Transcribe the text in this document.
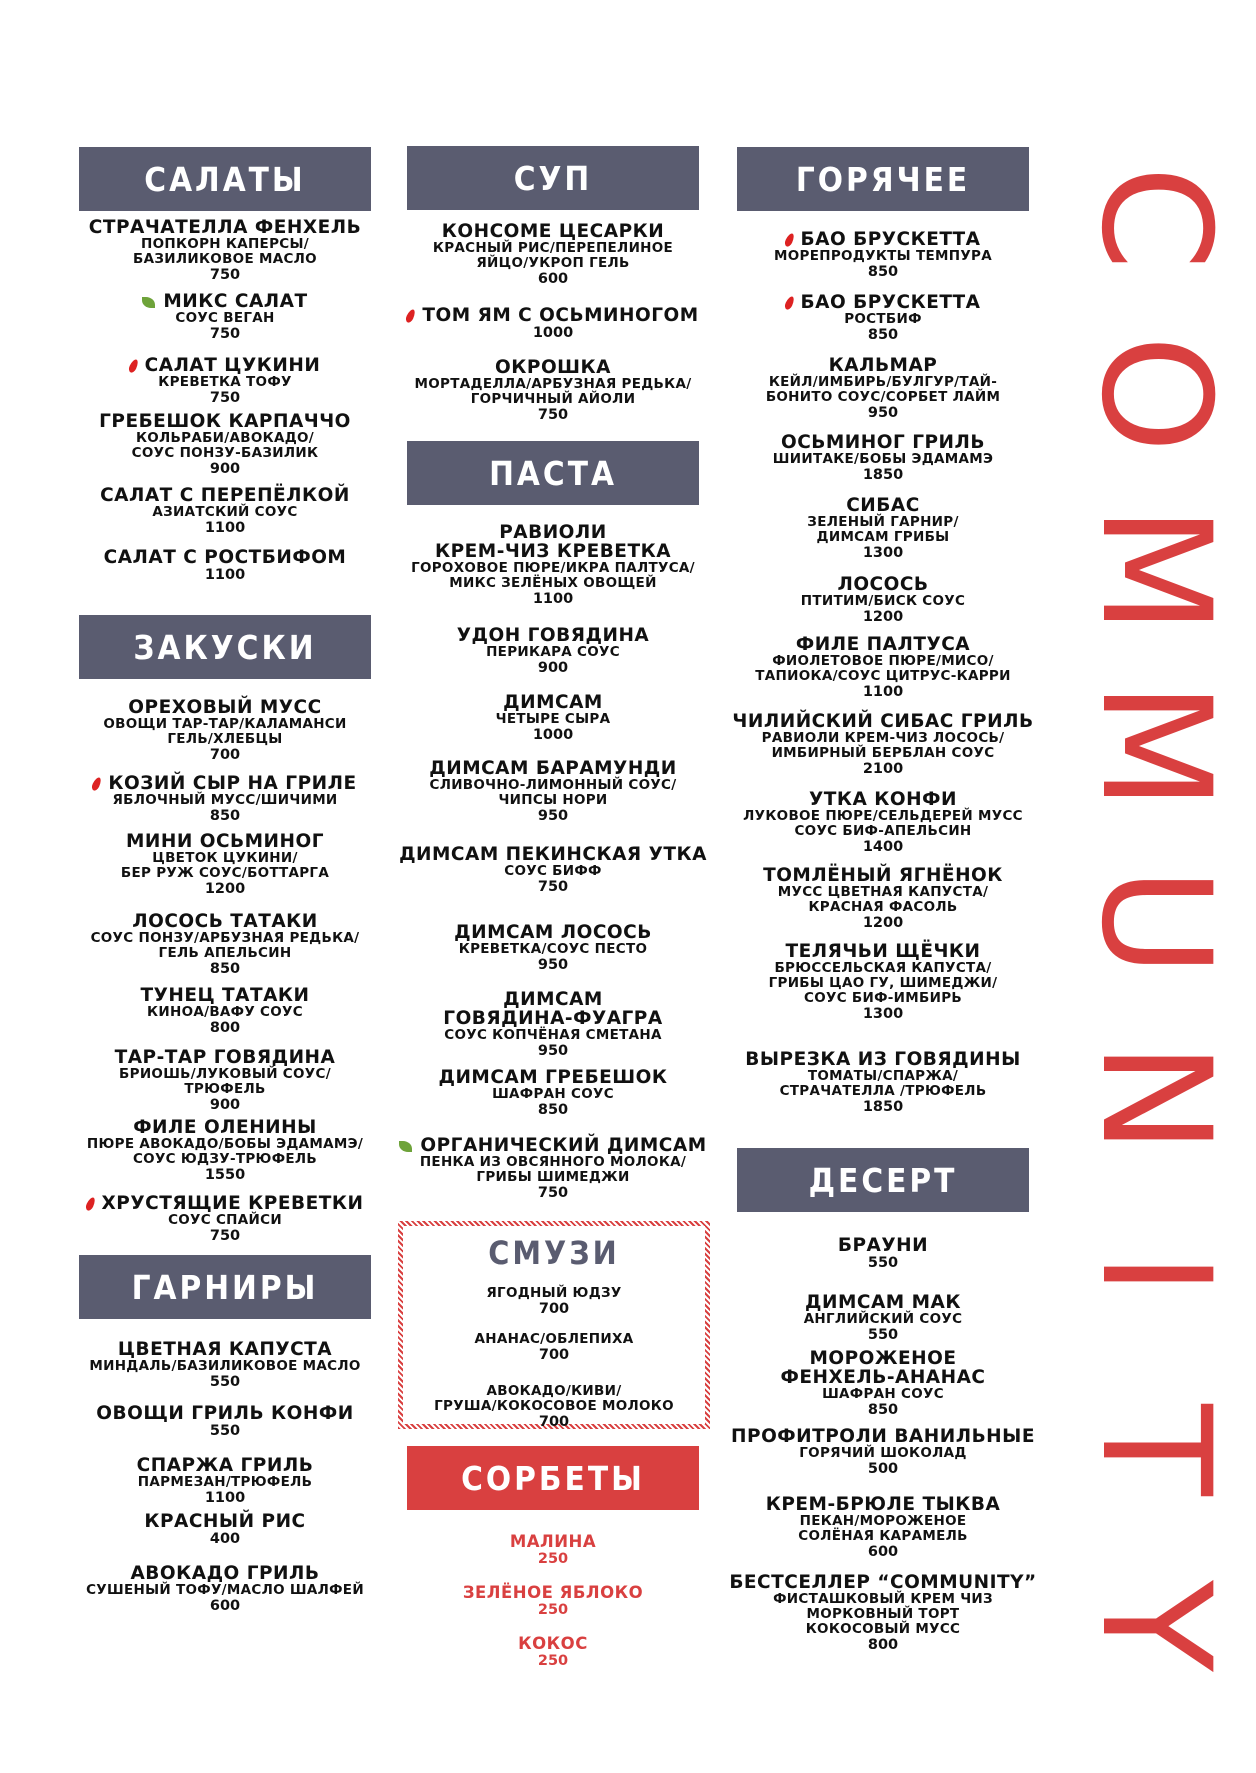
САЛАТЫ
СТРАЧАТЕЛЛА ФЕНХЕЛЬ
ПОПКОРН КАПЕРСЫ/
БАЗИЛИКОВОЕ МАСЛО
750
МИКС САЛАТ
СОУС ВЕГАН
750
САЛАТ ЦУКИНИ
КРЕВЕТКА ТОФУ
750
ГРЕБЕШОК КАРПАЧЧО
КОЛЬРАБИ/АВОКАДО/
СОУС ПОНЗУ-БАЗИЛИК
900
САЛАТ С ПЕРЕПЁЛКОЙ
АЗИАТСКИЙ СОУС
1100
САЛАТ С РОСТБИФОМ
1100
ЗАКУСКИ
ОРЕХОВЫЙ МУСС
ОВОЩИ ТАР-ТАР/КАЛАМАНСИ
ГЕЛЬ/ХЛЕБЦЫ
700
КОЗИЙ СЫР НА ГРИЛЕ
ЯБЛОЧНЫЙ МУСС/ШИЧИМИ
850
МИНИ ОСЬМИНОГ
ЦВЕТОК ЦУКИНИ/
БЕР РУЖ СОУС/БОТТАРГА
1200
ЛОСОСЬ ТАТАКИ
СОУС ПОНЗУ/АРБУЗНАЯ РЕДЬКА/
ГЕЛЬ АПЕЛЬСИН
850
ТУНЕЦ ТАТАКИ
КИНОА/ВАФУ СОУС
800
ТАР-ТАР ГОВЯДИНА
БРИОШЬ/ЛУКОВЫЙ СОУС/
ТРЮФЕЛЬ
900
ФИЛЕ ОЛЕНИНЫ
ПЮРЕ АВОКАДО/БОБЫ ЭДАМАМЭ/
СОУС ЮДЗУ-ТРЮФЕЛЬ
1550
ХРУСТЯЩИЕ КРЕВЕТКИ
СОУС СПАЙСИ
750
ГАРНИРЫ
ЦВЕТНАЯ КАПУСТА
МИНДАЛЬ/БАЗИЛИКОВОЕ МАСЛО
550
ОВОЩИ ГРИЛЬ КОНФИ
550
СПАРЖА ГРИЛЬ
ПАРМЕЗАН/ТРЮФЕЛЬ
1100
КРАСНЫЙ РИС
400
АВОКАДО ГРИЛЬ
СУШЕНЫЙ ТОФУ/МАСЛО ШАЛФЕЙ
600
СУП
КОНСОМЕ ЦЕСАРКИ
КРАСНЫЙ РИС/ПЕРЕПЕЛИНОЕ
ЯЙЦО/УКРОП ГЕЛЬ
600
ТОМ ЯМ С ОСЬМИНОГОМ
1000
ОКРОШКА
МОРТАДЕЛЛА/АРБУЗНАЯ РЕДЬКА/
ГОРЧИЧНЫЙ АЙОЛИ
750
ПАСТА
РАВИОЛИ
КРЕМ-ЧИЗ КРЕВЕТКА
ГОРОХОВОЕ ПЮРЕ/ИКРА ПАЛТУСА/
МИКС ЗЕЛЁНЫХ ОВОЩЕЙ
1100
УДОН ГОВЯДИНА
ПЕРИКАРА СОУС
900
ДИМСАМ
ЧЕТЫРЕ СЫРА
1000
ДИМСАМ БАРАМУНДИ
СЛИВОЧНО-ЛИМОННЫЙ СОУС/
ЧИПСЫ НОРИ
950
ДИМСАМ ПЕКИНСКАЯ УТКА
СОУС БИФФ
750
ДИМСАМ ЛОСОСЬ
КРЕВЕТКА/СОУС ПЕСТО
950
ДИМСАМ
ГОВЯДИНА-ФУАГРА
СОУС КОПЧЁНАЯ СМЕТАНА
950
ДИМСАМ ГРЕБЕШОК
ШАФРАН СОУС
850
ОРГАНИЧЕСКИЙ ДИМСАМ
ПЕНКА ИЗ ОВСЯННОГО МОЛОКА/
ГРИБЫ ШИМЕДЖИ
750
СМУЗИ
ЯГОДНЫЙ ЮДЗУ
700
АНАНАС/ОБЛЕПИХА
700
АВОКАДО/КИВИ/
ГРУША/КОКОСОВОЕ МОЛОКО
700
СОРБЕТЫ
МАЛИНА
250
ЗЕЛЁНОЕ ЯБЛОКО
250
КОКОС
250
ГОРЯЧЕЕ
БАО БРУСКЕТТА
МОРЕПРОДУКТЫ ТЕМПУРА
850
БАО БРУСКЕТТА
РОСТБИФ
850
КАЛЬМАР
КЕЙЛ/ИМБИРЬ/БУЛГУР/ТАЙ-
БОНИТО СОУС/СОРБЕТ ЛАЙМ
950
ОСЬМИНОГ ГРИЛЬ
ШИИТАКЕ/БОБЫ ЭДАМАМЭ
1850
СИБАС
ЗЕЛЕНЫЙ ГАРНИР/
ДИМСАМ ГРИБЫ
1300
ЛОСОСЬ
ПТИТИМ/БИСК СОУС
1200
ФИЛЕ ПАЛТУСА
ФИОЛЕТОВОЕ ПЮРЕ/МИСО/
ТАПИОКА/СОУС ЦИТРУС-КАРРИ
1100
ЧИЛИЙСКИЙ СИБАС ГРИЛЬ
РАВИОЛИ КРЕМ-ЧИЗ ЛОСОСЬ/
ИМБИРНЫЙ БЕРБЛАН СОУС
2100
УТКА КОНФИ
ЛУКОВОЕ ПЮРЕ/СЕЛЬДЕРЕЙ МУСС
СОУС БИФ-АПЕЛЬСИН
1400
ТОМЛЁНЫЙ ЯГНЁНОК
МУСС ЦВЕТНАЯ КАПУСТА/
КРАСНАЯ ФАСОЛЬ
1200
ТЕЛЯЧЬИ ЩЁЧКИ
БРЮССЕЛЬСКАЯ КАПУСТА/
ГРИБЫ ЦАО ГУ, ШИМЕДЖИ/
СОУС БИФ-ИМБИРЬ
1300
ВЫРЕЗКА ИЗ ГОВЯДИНЫ
ТОМАТЫ/СПАРЖА/
СТРАЧАТЕЛЛА /ТРЮФЕЛЬ
1850
ДЕСЕРТ
БРАУНИ
550
ДИМСАМ МАК
АНГЛИЙСКИЙ СОУС
550
МОРОЖЕНОЕ
ФЕНХЕЛЬ-АНАНАС
ШАФРАН СОУС
850
ПРОФИТРОЛИ ВАНИЛЬНЫЕ
ГОРЯЧИЙ ШОКОЛАД
500
КРЕМ-БРЮЛЕ ТЫКВА
ПЕКАН/МОРОЖЕНОЕ
СОЛЁНАЯ КАРАМЕЛЬ
600
БЕСТСЕЛЛЕР “COMMUNITY”
ФИСТАШКОВЫЙ КРЕМ ЧИЗ
МОРКОВНЫЙ ТОРТ
КОКОСОВЫЙ МУСС
800
C
O
M
M
U
N
I
T
Y
